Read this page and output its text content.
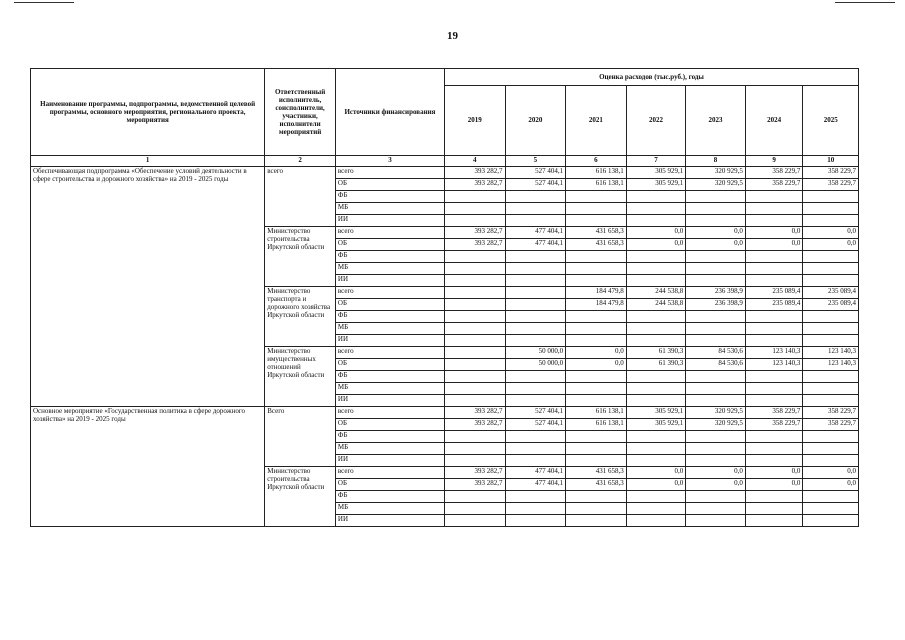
19
Наименование программы, подпрограммы, ведомственной целевой программы, основного мероприятия, регионального проекта, мероприятия	Ответственный исполнитель, соисполнители, участники, исполнители мероприятий	Источники финансирования	Оценка расходов (тыс.руб.), годы						
			2019	2020	2021	2022	2023	2024	2025
1	2	3	4	5	6	7	8	9	10
Обеспечивающая подпрограмма «Обеспечение условий деятельности в сфере строительства и дорожного хозяйства» на 2019 - 2025 годы	всего	всего	393 282,7	527 404,1	616 138,1	305 929,1	320 929,5	358 229,7	358 229,7
		ОБ	393 282,7	527 404,1	616 138,1	305 929,1	320 929,5	358 229,7	358 229,7
		ФБ							
		МБ							
		ИИ							
	Министерство строительства Иркутской области	всего	393 282,7	477 404,1	431 658,3	0,0	0,0	0,0	0,0
		ОБ	393 282,7	477 404,1	431 658,3	0,0	0,0	0,0	0,0
		ФБ							
		МБ							
		ИИ							
	Министерство транспорта и дорожного хозяйства Иркутской области	всего			184 479,8	244 538,8	236 398,9	235 089,4	235 089,4
		ОБ			184 479,8	244 538,8	236 398,9	235 089,4	235 089,4
		ФБ							
		МБ							
		ИИ							
	Министерство имущественных отношений Иркутской области	всего		50 000,0	0,0	61 390,3	84 530,6	123 140,3	123 140,3
		ОБ		50 000,0	0,0	61 390,3	84 530,6	123 140,3	123 140,3
		ФБ							
		МБ							
		ИИ							
Основное мероприятие «Государственная политика в сфере дорожного хозяйства» на 2019 - 2025 годы	Всего	всего	393 282,7	527 404,1	616 138,1	305 929,1	320 929,5	358 229,7	358 229,7
		ОБ	393 282,7	527 404,1	616 138,1	305 929,1	320 929,5	358 229,7	358 229,7
		ФБ							
		МБ							
		ИИ							
	Министерство строительства Иркутской области	всего	393 282,7	477 404,1	431 658,3	0,0	0,0	0,0	0,0
		ОБ	393 282,7	477 404,1	431 658,3	0,0	0,0	0,0	0,0
		ФБ							
		МБ							
		ИИ							
